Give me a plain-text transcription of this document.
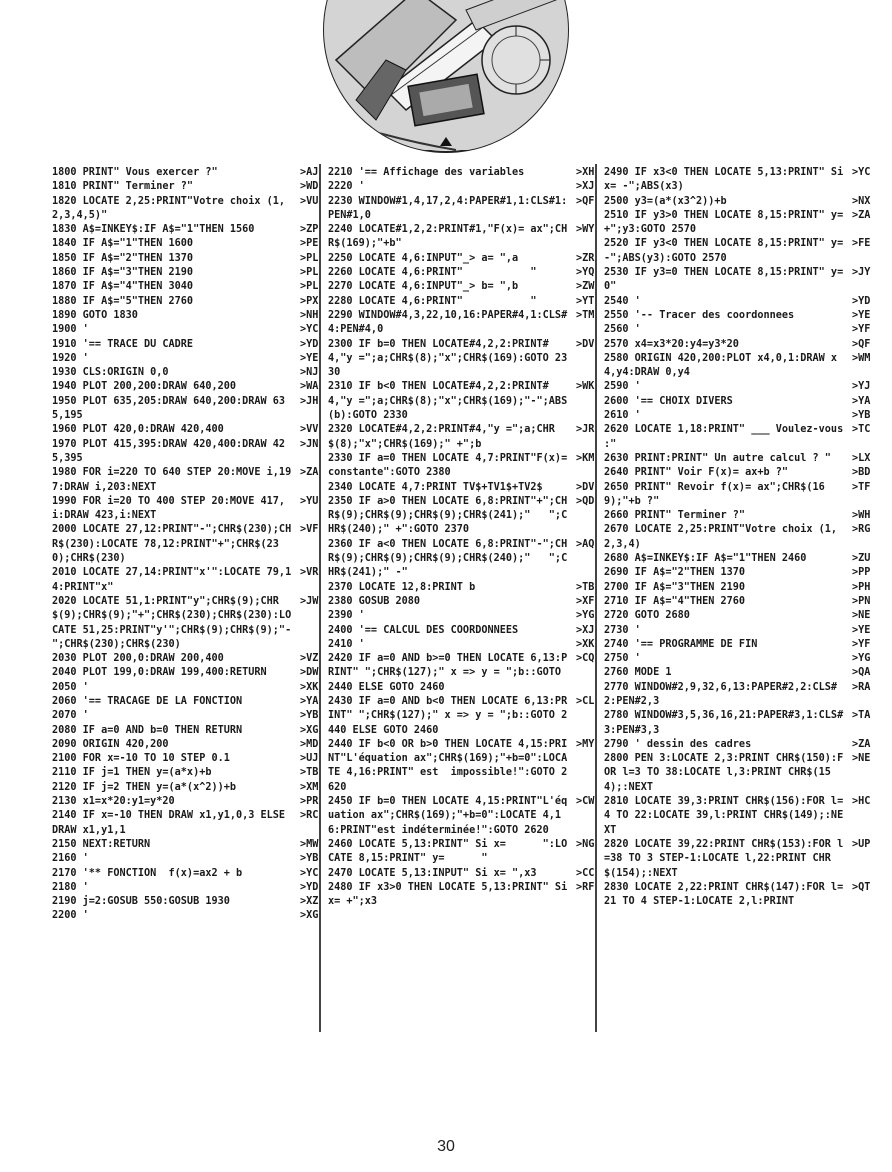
1800 PRINT" Vous exercer ?"	>AJ
1810 PRINT" Terminer ?"	>WD
1820 LOCATE 2,25:PRINT"Votre choix (1,2,3,4,5)"
>VU
1830 A$=INKEY$:IF A$="1"THEN 1560	>ZP
1840 IF A$="1"THEN 1600	>PE
1850 IF A$="2"THEN 1370	>PL
1860 IF A$="3"THEN 2190	>PL
1870 IF A$="4"THEN 3040	>PL
1880 IF A$="5"THEN 2760	>PX
1890 GOTO 1830	>NH
1900 '	>YC
1910 '== TRACE DU CADRE	>YD
1920 '	>YE
1930 CLS:ORIGIN 0,0	>NJ
1940 PLOT 200,200:DRAW 640,200	>WA
1950 PLOT 635,205:DRAW 640,200:DRAW 635,195
>JH
1960 PLOT 420,0:DRAW 420,400	>VV
1970 PLOT 415,395:DRAW 420,400:DRAW 425,395
>JN
1980 FOR i=220 TO 640 STEP 20:MOVE i,197:DRAW i,203:NEXT
>ZA
1990 FOR i=20 TO 400 STEP 20:MOVE 417,i:DRAW 423,i:NEXT
>YU
2000 LOCATE 27,12:PRINT"-";CHR$(230);CHR$(230):LOCATE 78,12:PRINT"+";CHR$(230);CHR$(230)
>VF
2010 LOCATE 27,14:PRINT"x'":LOCATE 79,14:PRINT"x"
>VR
2020 LOCATE 51,1:PRINT"y";CHR$(9);CHR$(9);CHR$(9);"+";CHR$(230);CHR$(230):LOCATE 51,25:PRINT"y'";CHR$(9);CHR$(9);"-";CHR$(230);CHR$(230)
>JW
2030 PLOT 200,0:DRAW 200,400	>VZ
2040 PLOT 199,0:DRAW 199,400:RETURN	>DW
2050 '	>XK
2060 '== TRACAGE DE LA FONCTION	>YA
2070 '	>YB
2080 IF a=0 AND b=0 THEN RETURN	>XG
2090 ORIGIN 420,200	>MD
2100 FOR x=-10 TO 10 STEP 0.1	>UJ
2110 IF j=1 THEN y=(a*x)+b	>TB
2120 IF j=2 THEN y=(a*(x^2))+b	>XM
2130 x1=x*20:y1=y*20	>PR
2140 IF x=-10 THEN DRAW x1,y1,0,3 ELSE DRAW x1,y1,1
>RC
2150 NEXT:RETURN	>MW
2160 '	>YB
2170 '** FONCTION  f(x)=ax2 + b	>YC
2180 '	>YD
2190 j=2:GOSUB 550:GOSUB 1930	>XZ
2200 '	>XG
2210 '== Affichage des variables	>XH
2220 '	>XJ
2230 WINDOW#1,4,17,2,4:PAPER#1,1:CLS#1:PEN#1,0
>QF
2240 LOCATE#1,2,2:PRINT#1,"F(x)= ax";CHR$(169);"+b"
>WY
2250 LOCATE 4,6:INPUT"_> a= ",a	>ZR
2260 LOCATE 4,6:PRINT"           "	>YQ
2270 LOCATE 4,6:INPUT"_> b= ",b	>ZW
2280 LOCATE 4,6:PRINT"           "	>YT
2290 WINDOW#4,3,22,10,16:PAPER#4,1:CLS#4:PEN#4,0
>TM
2300 IF b=0 THEN LOCATE#4,2,2:PRINT#4,"y =";a;CHR$(8);"x";CHR$(169):GOTO 2330
>DV
2310 IF b<0 THEN LOCATE#4,2,2:PRINT#4,"y =";a;CHR$(8);"x";CHR$(169);"-";ABS(b):GOTO 2330
>WK
2320 LOCATE#4,2,2:PRINT#4,"y =";a;CHR$(8);"x";CHR$(169);" +";b
>JR
2330 IF a=0 THEN LOCATE 4,7:PRINT"F(x)= constante":GOTO 2380
>KM
2340 LOCATE 4,7:PRINT TV$+TV1$+TV2$	>DV
2350 IF a>0 THEN LOCATE 6,8:PRINT"+";CHR$(9);CHR$(9);CHR$(9);CHR$(241);"   ";CHR$(240);" +":GOTO 2370
>QD
2360 IF a<0 THEN LOCATE 6,8:PRINT"-";CHR$(9);CHR$(9);CHR$(9);CHR$(240);"   ";CHR$(241);" -"
>AQ
2370 LOCATE 12,8:PRINT b	>TB
2380 GOSUB 2080	>XF
2390 '	>YG
2400 '== CALCUL DES COORDONNEES	>XJ
2410 '	>XK
2420 IF a=0 AND b>=0 THEN LOCATE 6,13:PRINT" ";CHR$(127);" x => y = ";b::GOTO 2440 ELSE GOTO 2460
>CQ
2430 IF a=0 AND b<0 THEN LOCATE 6,13:PRINT" ";CHR$(127);" x => y = ";b::GOTO 2440 ELSE GOTO 2460
>CL
2440 IF b<0 OR b>0 THEN LOCATE 4,15:PRINT"L'équation ax";CHR$(169);"+b=0":LOCATE 4,16:PRINT" est  impossible!":GOTO 2620
>MY
2450 IF b=0 THEN LOCATE 4,15:PRINT"L'équation ax";CHR$(169);"+b=0":LOCATE 4,16:PRINT"est indéterminée!":GOTO 2620
>CW
2460 LOCATE 5,13:PRINT" Si x=      ":LOCATE 8,15:PRINT" y=      "
>NG
2470 LOCATE 5,13:INPUT" Si x= ",x3	>CC
2480 IF x3>0 THEN LOCATE 5,13:PRINT" Si x= +";x3
>RF
2490 IF x3<0 THEN LOCATE 5,13:PRINT" Si x= -";ABS(x3)
>YC
2500 y3=(a*(x3^2))+b	>NX
2510 IF y3>0 THEN LOCATE 8,15:PRINT" y= +";y3:GOTO 2570
>ZA
2520 IF y3<0 THEN LOCATE 8,15:PRINT" y= -";ABS(y3):GOTO 2570
>FE
2530 IF y3=0 THEN LOCATE 8,15:PRINT" y= 0"
>JY
2540 '	>YD
2550 '-- Tracer des coordonnees	>YE
2560 '	>YF
2570 x4=x3*20:y4=y3*20	>QF
2580 ORIGIN 420,200:PLOT x4,0,1:DRAW x4,y4:DRAW 0,y4
>WM
2590 '	>YJ
2600 '== CHOIX DIVERS	>YA
2610 '	>YB
2620 LOCATE 1,18:PRINT" ___ Voulez-vous :"
>TC
2630 PRINT:PRINT" Un autre calcul ? "	>LX
2640 PRINT" Voir F(x)= ax+b ?"	>BD
2650 PRINT" Revoir f(x)= ax";CHR$(169);"+b ?"
>TF
2660 PRINT" Terminer ?"	>WH
2670 LOCATE 2,25:PRINT"Votre choix (1,2,3,4)
>RG
2680 A$=INKEY$:IF A$="1"THEN 2460	>ZU
2690 IF A$="2"THEN 1370	>PP
2700 IF A$="3"THEN 2190	>PH
2710 IF A$="4"THEN 2760	>PN
2720 GOTO 2680	>NE
2730 '	>YE
2740 '== PROGRAMME DE FIN	>YF
2750 '	>YG
2760 MODE 1	>QA
2770 WINDOW#2,9,32,6,13:PAPER#2,2:CLS#2:PEN#2,3
>RA
2780 WINDOW#3,5,36,16,21:PAPER#3,1:CLS#3:PEN#3,3
>TA
2790 ' dessin des cadres	>ZA
2800 PEN 3:LOCATE 2,3:PRINT CHR$(150):FOR l=3 TO 38:LOCATE l,3:PRINT CHR$(154);:NEXT
>NE
2810 LOCATE 39,3:PRINT CHR$(156):FOR l=4 TO 22:LOCATE 39,l:PRINT CHR$(149);:NEXT
>HC
2820 LOCATE 39,22:PRINT CHR$(153):FOR l=38 TO 3 STEP-1:LOCATE l,22:PRINT CHR$(154);:NEXT
>UP
2830 LOCATE 2,22:PRINT CHR$(147):FOR l=21 TO 4 STEP-1:LOCATE 2,l:PRINT
>QT
30
